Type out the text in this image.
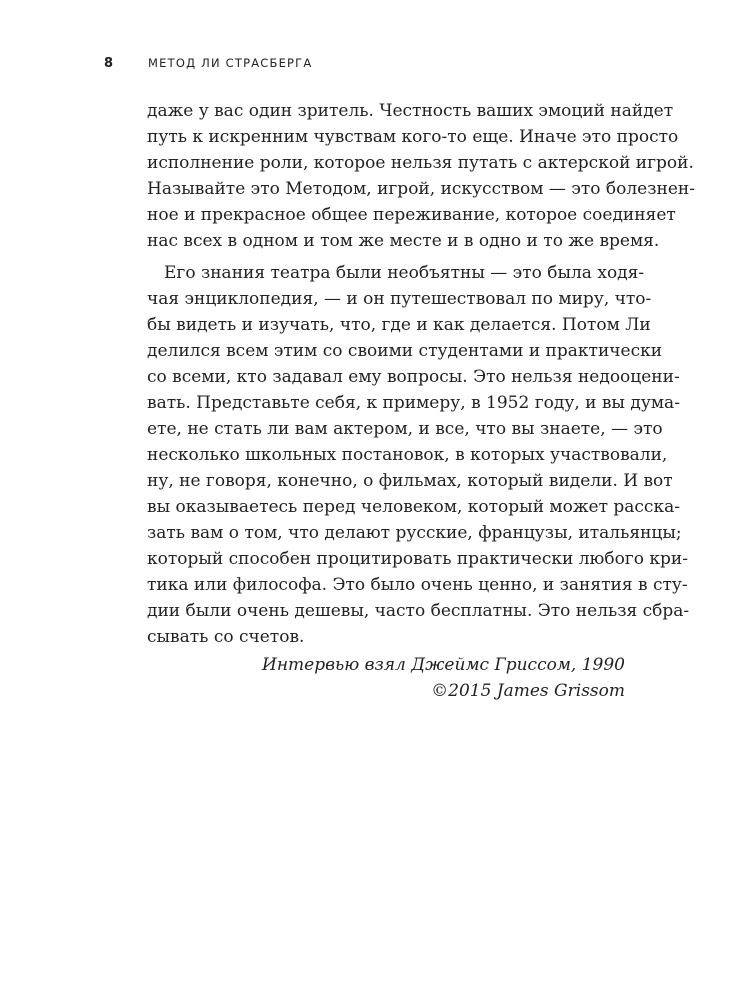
8	МЕТОД ЛИ СТРАСБЕРГА
даже у вас один зритель. Честность ваших эмоций найдет
путь к искренним чувствам кого-то еще. Иначе это просто
исполнение роли, которое нельзя путать с актерской игрой.
Называйте это Методом, игрой, искусством — это болезнен-
ное и прекрасное общее переживание, которое соединяет
нас всех в одном и том же месте и в одно и то же время.
Его знания театра были необъятны — это была ходя-
чая энциклопедия, — и он путешествовал по миру, что-
бы видеть и изучать, что, где и как делается. Потом Ли
делился всем этим со своими студентами и практически
со всеми, кто задавал ему вопросы. Это нельзя недооцени-
вать. Представьте себя, к примеру, в 1952 году, и вы дума-
ете, не стать ли вам актером, и все, что вы знаете, — это
несколько школьных постановок, в которых участвовали,
ну, не говоря, конечно, о фильмах, который видели. И вот
вы оказываетесь перед человеком, который может расска-
зать вам о том, что делают русские, французы, итальянцы;
который способен процитировать практически любого кри-
тика или философа. Это было очень ценно, и занятия в сту-
дии были очень дешевы, часто бесплатны. Это нельзя сбра-
сывать со счетов.
Интервью взял Джеймс Гриссом, 1990
©2015 James Grissom
